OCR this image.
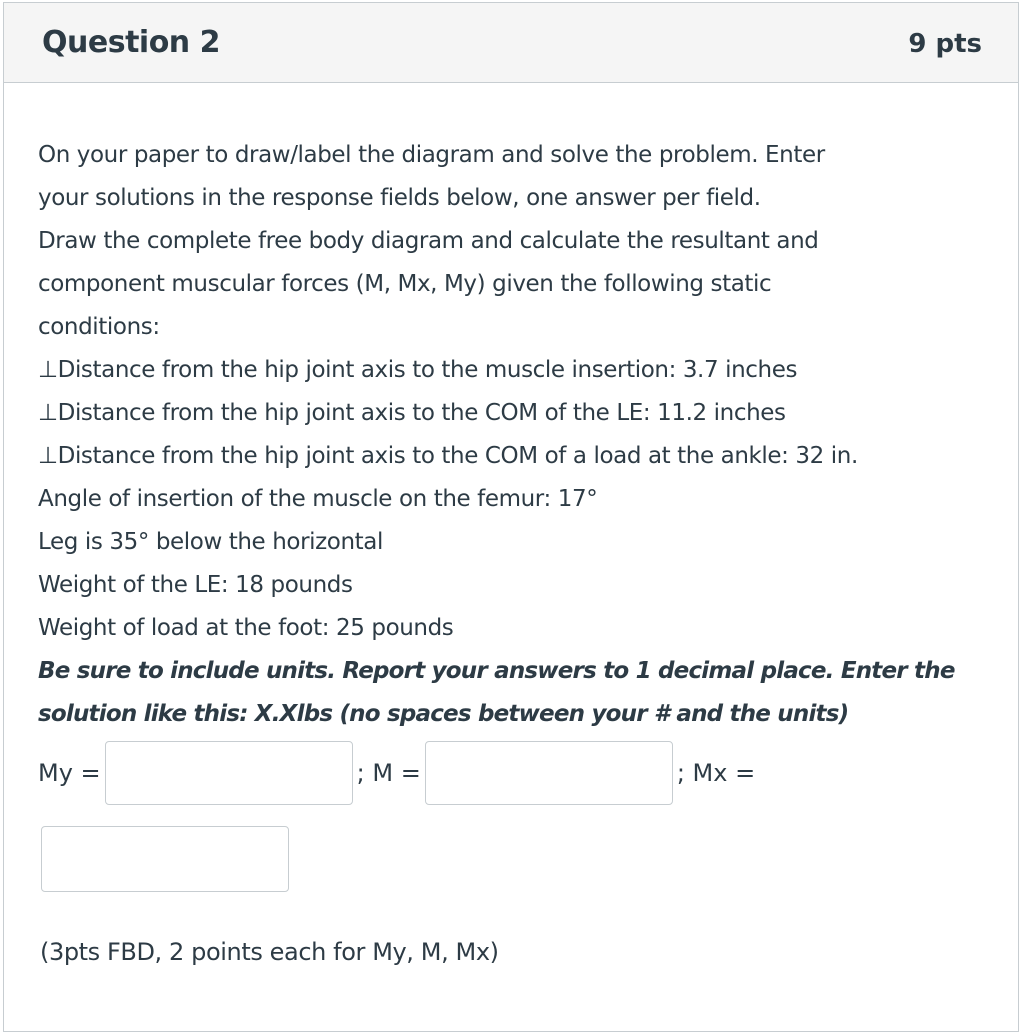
Question 2	9 pts

On your paper to draw/label the diagram and solve the problem. Enter

your solutions in the response fields below, one answer per field.

Draw the complete free body diagram and calculate the resultant and

component muscular forces (M, Mx, My) given the following static

conditions:

⊥Distance from the hip joint axis to the muscle insertion: 3.7 inches

⊥Distance from the hip joint axis to the COM of the LE: 11.2 inches

⊥Distance from the hip joint axis to the COM of a load at the ankle: 32 in.

Angle of insertion of the muscle on the femur: 17°

Leg is 35° below the horizontal

Weight of the LE: 18 pounds

Weight of load at the foot: 25 pounds

Be sure to include units. Report your answers to 1 decimal place. Enter the

solution like this: X.Xlbs (no spaces between your # and the units)

My =	; M =	; Mx =
(3pts FBD, 2 points each for My, M, Mx)
